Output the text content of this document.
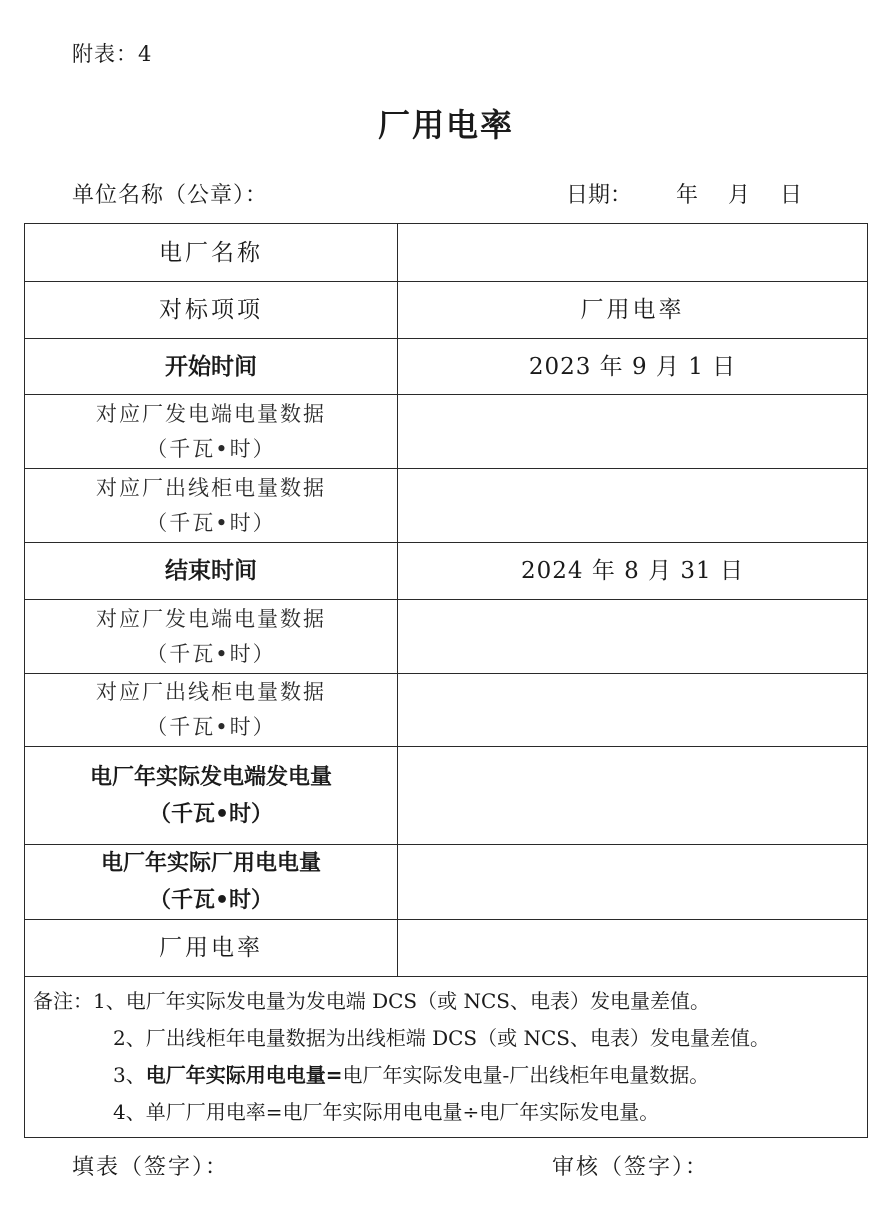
附表：4
厂用电率
单位名称（公章）：	日期： 年 月 日
电厂名称	
对标项项	厂用电率
开始时间	2023 年 9 月 1 日

对应厂发电端电量数据
（千瓦•时）	

对应厂出线柜电量数据
（千瓦•时）	

结束时间	2024 年 8 月 31 日

对应厂发电端电量数据
（千瓦•时）	

对应厂出线柜电量数据
（千瓦•时）	

电厂年实际发电端发电量
（千瓦•时）	

电厂年实际厂用电电量
（千瓦•时）	

厂用电率	

备注：1、电厂年实际发电量为发电端 DCS（或 NCS、电表）发电量差值。
2、厂出线柜年电量数据为出线柜端 DCS（或 NCS、电表）发电量差值。
3、电厂年实际用电电量=电厂年实际发电量-厂出线柜年电量数据。
4、单厂厂用电率=电厂年实际用电电量÷电厂年实际发电量。	
填表（签字）：	审核（签字）：
